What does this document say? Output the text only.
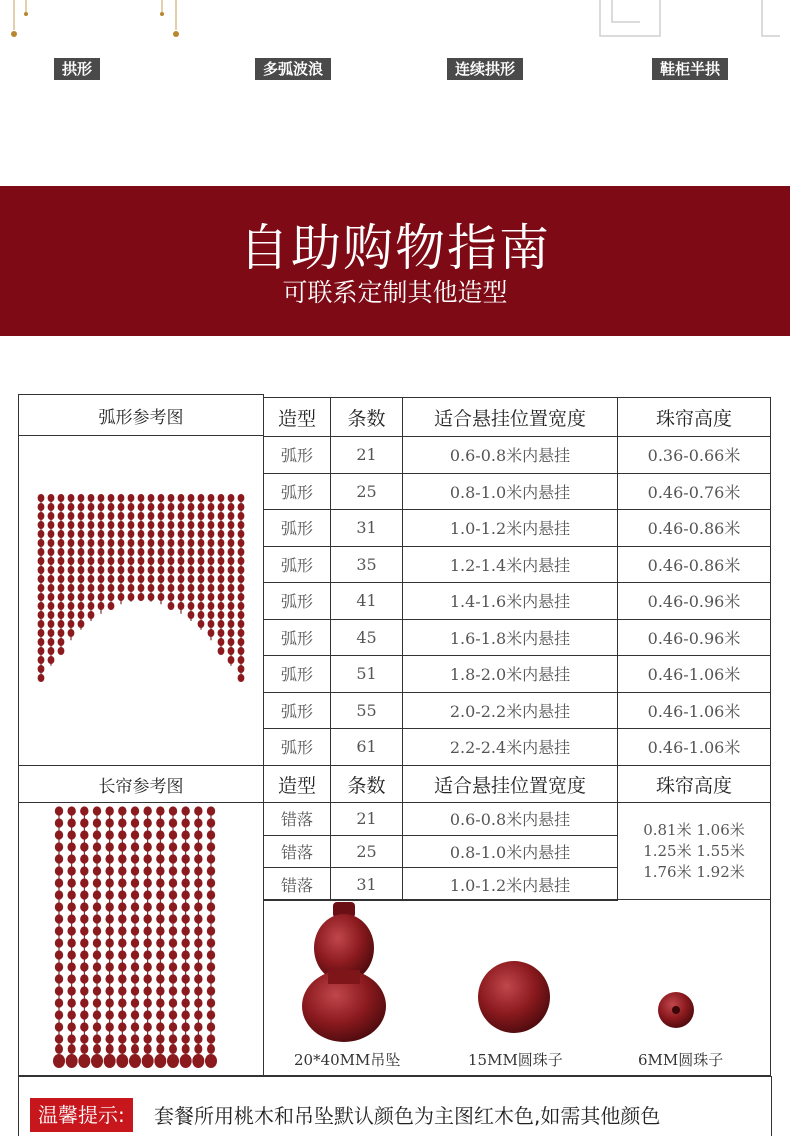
拱形	多弧波浪	连续拱形	鞋柜半拱
自助购物指南
可联系定制其他造型
弧形参考图	造型	条数	适合悬挂位置宽度	珠帘高度
弧形	21	0.6-0.8米内悬挂	0.36-0.66米
弧形	25	0.8-1.0米内悬挂	0.46-0.76米
弧形	31	1.0-1.2米内悬挂	0.46-0.86米
弧形	35	1.2-1.4米内悬挂	0.46-0.86米
弧形	41	1.4-1.6米内悬挂	0.46-0.96米
弧形	45	1.6-1.8米内悬挂	0.46-0.96米
弧形	51	1.8-2.0米内悬挂	0.46-1.06米
弧形	55	2.0-2.2米内悬挂	0.46-1.06米
弧形	61	2.2-2.4米内悬挂	0.46-1.06米
长帘参考图	造型	条数	适合悬挂位置宽度	珠帘高度
错落	21	0.6-0.8米内悬挂
错落	25	0.8-1.0米内悬挂
错落	31	1.0-1.2米内悬挂
0.81米 1.06米
1.25米 1.55米
1.76米 1.92米
20*40MM吊坠	15MM圆珠子	6MM圆珠子
温馨提示:	套餐所用桃木和吊坠默认颜色为主图红木色,如需其他颜色
